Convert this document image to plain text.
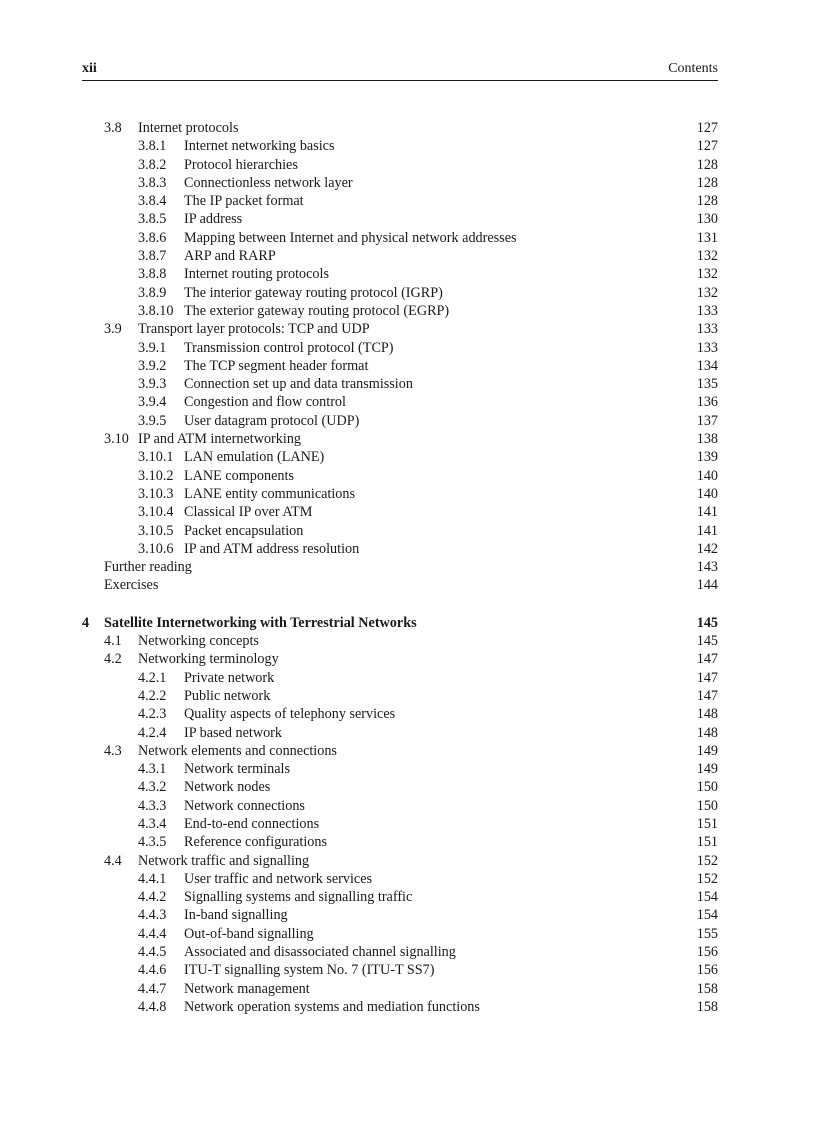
xii	Contents
3.8 Internet protocols	127
3.8.1 Internet networking basics	127
3.8.2 Protocol hierarchies	128
3.8.3 Connectionless network layer	128
3.8.4 The IP packet format	128
3.8.5 IP address	130
3.8.6 Mapping between Internet and physical network addresses	131
3.8.7 ARP and RARP	132
3.8.8 Internet routing protocols	132
3.8.9 The interior gateway routing protocol (IGRP)	132
3.8.10 The exterior gateway routing protocol (EGRP)	133
3.9 Transport layer protocols: TCP and UDP	133
3.9.1 Transmission control protocol (TCP)	133
3.9.2 The TCP segment header format	134
3.9.3 Connection set up and data transmission	135
3.9.4 Congestion and flow control	136
3.9.5 User datagram protocol (UDP)	137
3.10 IP and ATM internetworking	138
3.10.1 LAN emulation (LANE)	139
3.10.2 LANE components	140
3.10.3 LANE entity communications	140
3.10.4 Classical IP over ATM	141
3.10.5 Packet encapsulation	141
3.10.6 IP and ATM address resolution	142
Further reading	143
Exercises	144
4 Satellite Internetworking with Terrestrial Networks	145
4.1 Networking concepts	145
4.2 Networking terminology	147
4.2.1 Private network	147
4.2.2 Public network	147
4.2.3 Quality aspects of telephony services	148
4.2.4 IP based network	148
4.3 Network elements and connections	149
4.3.1 Network terminals	149
4.3.2 Network nodes	150
4.3.3 Network connections	150
4.3.4 End-to-end connections	151
4.3.5 Reference configurations	151
4.4 Network traffic and signalling	152
4.4.1 User traffic and network services	152
4.4.2 Signalling systems and signalling traffic	154
4.4.3 In-band signalling	154
4.4.4 Out-of-band signalling	155
4.4.5 Associated and disassociated channel signalling	156
4.4.6 ITU-T signalling system No. 7 (ITU-T SS7)	156
4.4.7 Network management	158
4.4.8 Network operation systems and mediation functions	158
